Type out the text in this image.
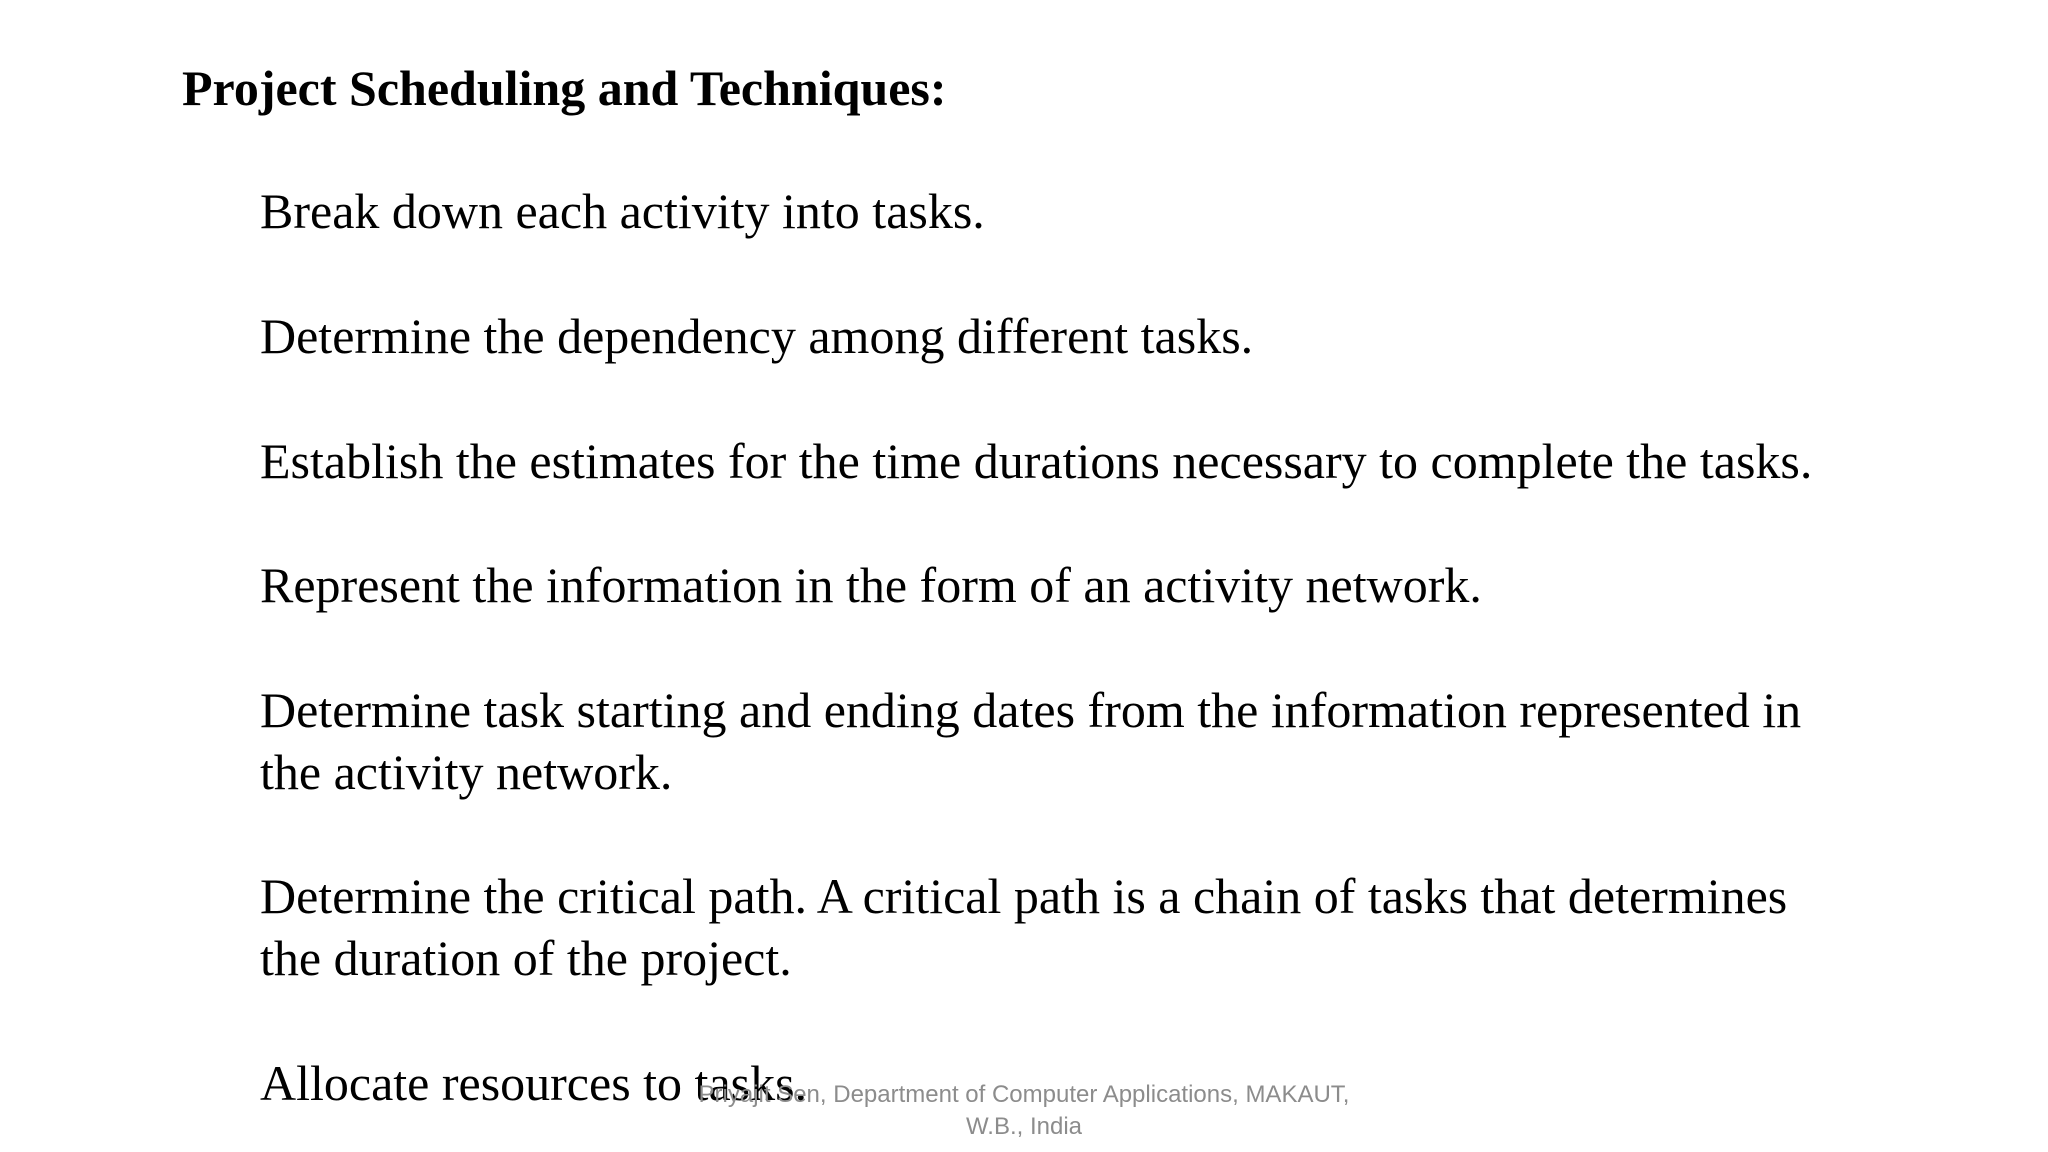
Project Scheduling and Techniques:

Break down each activity into tasks.

Determine the dependency among different tasks.

Establish the estimates for the time durations necessary to complete the tasks.

Represent the information in the form of an activity network.

Determine task starting and ending dates from the information represented in
the activity network.

Determine the critical path. A critical path is a chain of tasks that determines
the duration of the project.

Allocate resources to tasks.

Priyajit Sen, Department of Computer Applications, MAKAUT,
W.B., India
